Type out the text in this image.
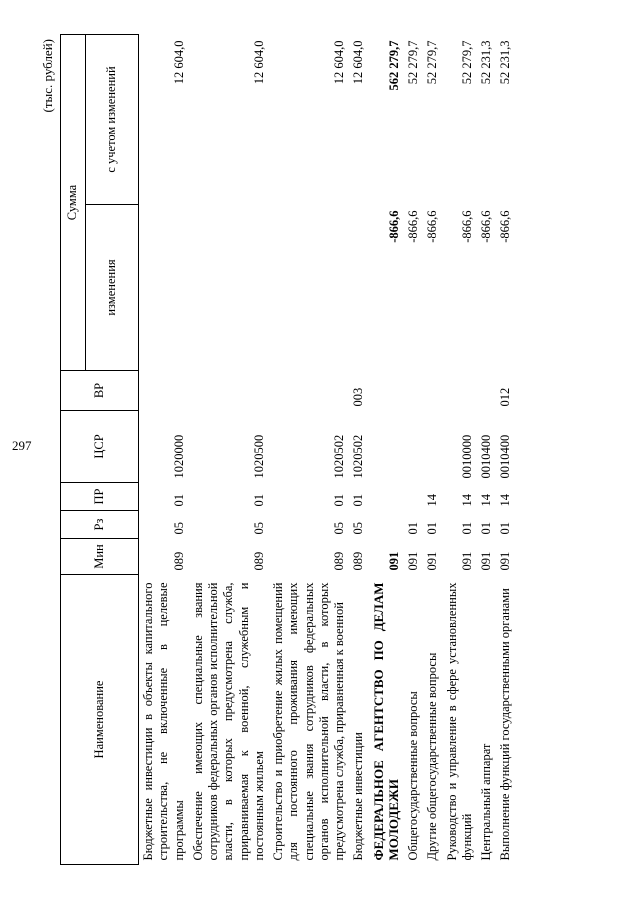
297
(тыс. рублей)
Наименование	Мин	Рз	ПР	ЦСР	ВР	Сумма	
						изменения	с учетом изменений
Бюджетные инвестиции в объекты капитального строительства, не включенные в целевые программы	089	05	01	1020000			12 604,0
Обеспечение имеющих специальные звания сотрудников федеральных органов исполнительной власти, в которых предусмотрена служба, приравниваемая к военной, служебным и постоянным жильем	089	05	01	1020500			12 604,0
Строительство и приобретение жилых помещений для постоянного проживания имеющих специальные звания сотрудников федеральных органов исполнительной власти, в которых предусмотрена служба, приравненная к военной	089	05	01	1020502			12 604,0
Бюджетные инвестиции	089	05	01	1020502	003		12 604,0
ФЕДЕРАЛЬНОЕ АГЕНТСТВО ПО ДЕЛАМ МОЛОДЕЖИ	091					-866,6	562 279,7
Общегосударственные вопросы	091	01				-866,6	52 279,7
Другие общегосударственные вопросы	091	01	14			-866,6	52 279,7
Руководство и управление в сфере установленных функций	091	01	14	0010000		-866,6	52 279,7
Центральный аппарат	091	01	14	0010400		-866,6	52 231,3
Выполнение функций государственными органами	091	01	14	0010400	012	-866,6	52 231,3
